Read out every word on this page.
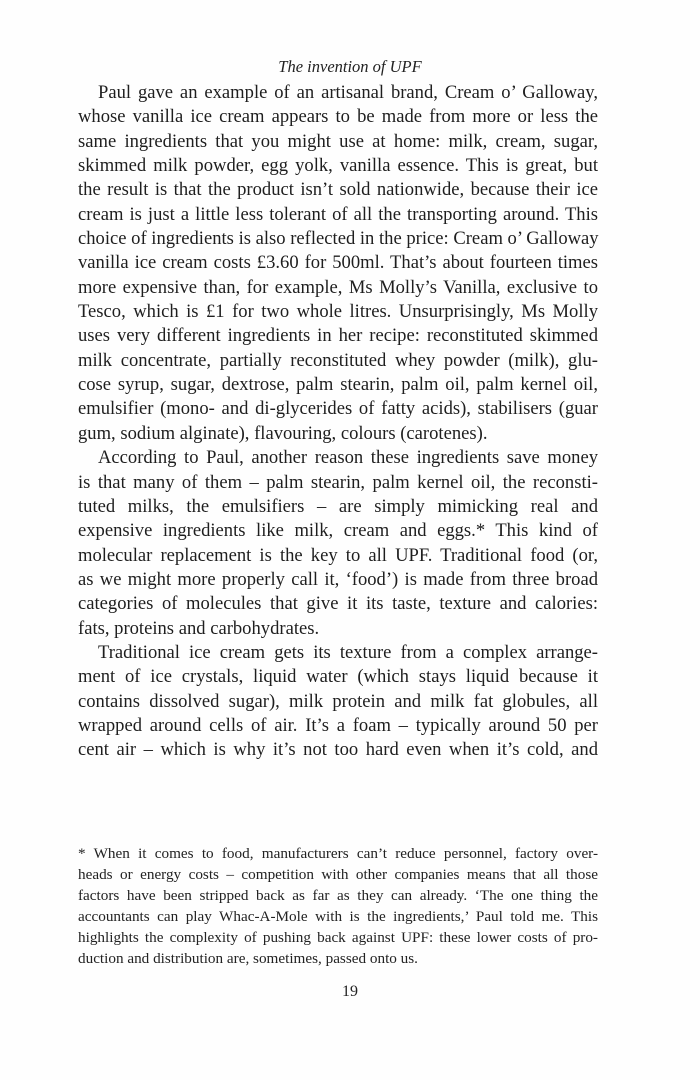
The invention of UPF
Paul gave an example of an artisanal brand, Cream o’ Galloway,
whose vanilla ice cream appears to be made from more or less the
same ingredients that you might use at home: milk, cream, sugar,
skimmed milk powder, egg yolk, vanilla essence. This is great, but
the result is that the product isn’t sold nationwide, because their ice
cream is just a little less tolerant of all the transporting around. This
choice of ingredients is also reflected in the price: Cream o’ Galloway
vanilla ice cream costs £3.60 for 500ml. That’s about fourteen times
more expensive than, for example, Ms Molly’s Vanilla, exclusive to
Tesco, which is £1 for two whole litres. Unsurprisingly, Ms Molly
uses very different ingredients in her recipe: reconstituted skimmed
milk concentrate, partially reconstituted whey powder (milk), glu-
cose syrup, sugar, dextrose, palm stearin, palm oil, palm kernel oil,
emulsifier (mono- and di-glycerides of fatty acids), stabilisers (guar
gum, sodium alginate), flavouring, colours (carotenes).
According to Paul, another reason these ingredients save money
is that many of them – palm stearin, palm kernel oil, the reconsti-
tuted milks, the emulsifiers – are simply mimicking real and
expensive ingredients like milk, cream and eggs.* This kind of
molecular replacement is the key to all UPF. Traditional food (or,
as we might more properly call it, ‘food’) is made from three broad
categories of molecules that give it its taste, texture and calories:
fats, proteins and carbohydrates.
Traditional ice cream gets its texture from a complex arrange-
ment of ice crystals, liquid water (which stays liquid because it
contains dissolved sugar), milk protein and milk fat globules, all
wrapped around cells of air. It’s a foam – typically around 50 per
cent air – which is why it’s not too hard even when it’s cold, and
* When it comes to food, manufacturers can’t reduce personnel, factory over-
heads or energy costs – competition with other companies means that all those
factors have been stripped back as far as they can already. ‘The one thing the
accountants can play Whac-A-Mole with is the ingredients,’ Paul told me. This
highlights the complexity of pushing back against UPF: these lower costs of pro-
duction and distribution are, sometimes, passed onto us.
19
